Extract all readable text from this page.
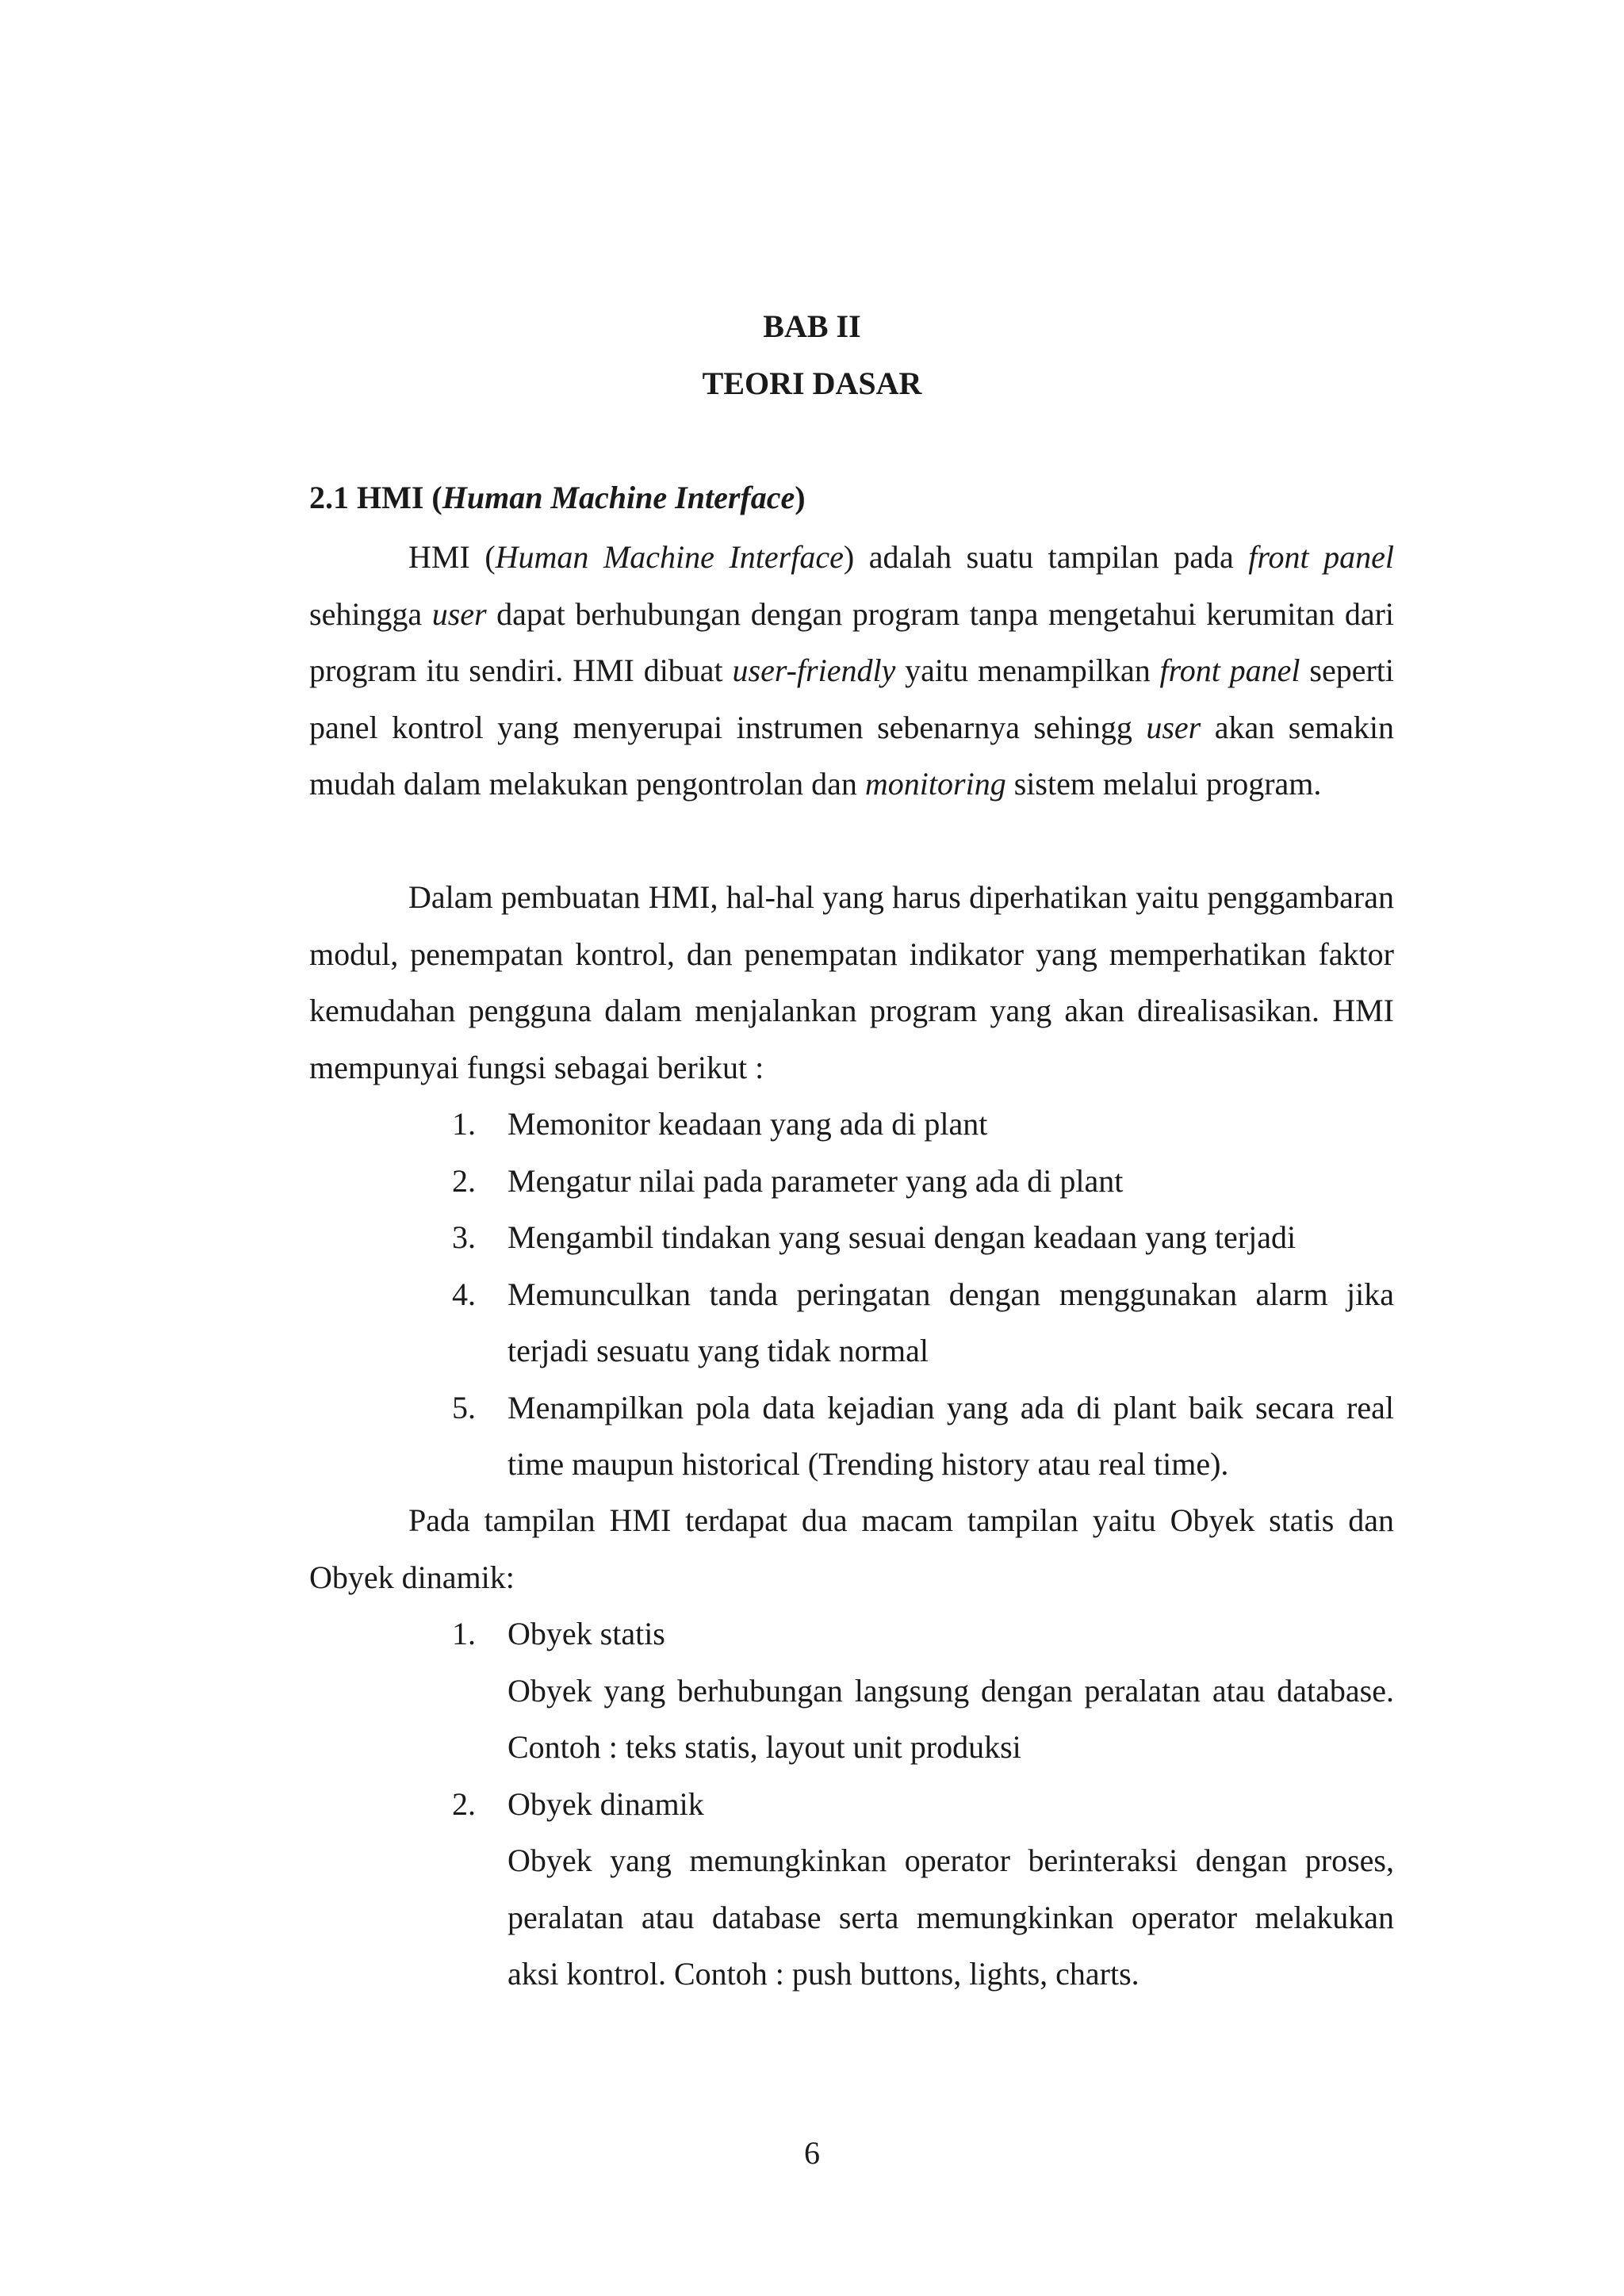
BAB II
TEORI DASAR
2.1 HMI (Human Machine Interface)

HMI (Human Machine Interface) adalah suatu tampilan pada front panel sehingga user dapat berhubungan dengan program tanpa mengetahui kerumitan dari program itu sendiri. HMI dibuat user-friendly yaitu menampilkan front panel seperti panel kontrol yang menyerupai instrumen sebenarnya sehingg user akan semakin mudah dalam melakukan pengontrolan dan monitoring sistem melalui program.

Dalam pembuatan HMI, hal-hal yang harus diperhatikan yaitu penggambaran modul, penempatan kontrol, dan penempatan indikator yang memperhatikan faktor kemudahan pengguna dalam menjalankan program yang akan direalisasikan. HMI mempunyai fungsi sebagai berikut :

1. Memonitor keadaan yang ada di plant
2. Mengatur nilai pada parameter yang ada di plant
3. Mengambil tindakan yang sesuai dengan keadaan yang terjadi
4. Memunculkan tanda peringatan dengan menggunakan alarm jika terjadi sesuatu yang tidak normal
5. Menampilkan pola data kejadian yang ada di plant baik secara real time maupun historical (Trending history atau real time).

Pada tampilan HMI terdapat dua macam tampilan yaitu Obyek statis dan Obyek dinamik:

1. Obyek statis
Obyek yang berhubungan langsung dengan peralatan atau database. Contoh : teks statis, layout unit produksi
2. Obyek dinamik
Obyek yang memungkinkan operator berinteraksi dengan proses, peralatan atau database serta memungkinkan operator melakukan aksi kontrol. Contoh : push buttons, lights, charts.
6
